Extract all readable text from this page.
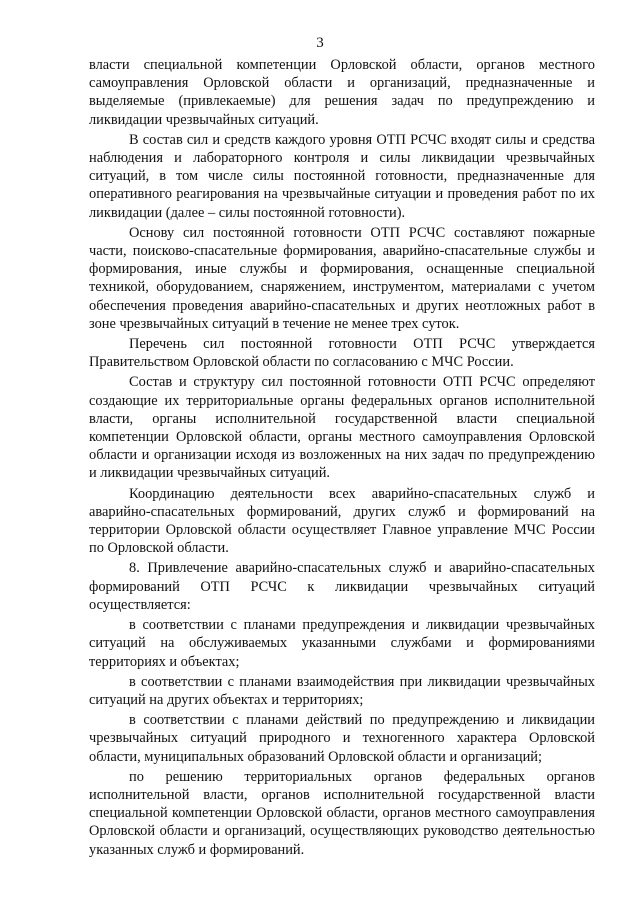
3

власти специальной компетенции Орловской области, органов местного самоуправления Орловской области и организаций, предназначенные и выделяемые (привлекаемые) для решения задач по предупреждению и ликвидации чрезвычайных ситуаций.

В состав сил и средств каждого уровня ОТП РСЧС входят силы и средства наблюдения и лабораторного контроля и силы ликвидации чрезвычайных ситуаций, в том числе силы постоянной готовности, предназначенные для оперативного реагирования на чрезвычайные ситуации и проведения работ по их ликвидации (далее – силы постоянной готовности).

Основу сил постоянной готовности ОТП РСЧС составляют пожарные части, поисково-спасательные формирования, аварийно-спасательные службы и формирования, иные службы и формирования, оснащенные специальной техникой, оборудованием, снаряжением, инструментом, материалами с учетом обеспечения проведения аварийно-спасательных и других неотложных работ в зоне чрезвычайных ситуаций в течение не менее трех суток.

Перечень сил постоянной готовности ОТП РСЧС утверждается Правительством Орловской области по согласованию с МЧС России.

Состав и структуру сил постоянной готовности ОТП РСЧС определяют создающие их территориальные органы федеральных органов исполнительной власти, органы исполнительной государственной власти специальной компетенции Орловской области, органы местного самоуправления Орловской области и организации исходя из возложенных на них задач по предупреждению и ликвидации чрезвычайных ситуаций.

Координацию деятельности всех аварийно-спасательных служб и аварийно-спасательных формирований, других служб и формирований на территории Орловской области осуществляет Главное управление МЧС России по Орловской области.

8. Привлечение аварийно-спасательных служб и аварийно-спасательных формирований ОТП РСЧС к ликвидации чрезвычайных ситуаций осуществляется:

в соответствии с планами предупреждения и ликвидации чрезвычайных ситуаций на обслуживаемых указанными службами и формированиями территориях и объектах;

в соответствии с планами взаимодействия при ликвидации чрезвычайных ситуаций на других объектах и территориях;

в соответствии с планами действий по предупреждению и ликвидации чрезвычайных ситуаций природного и техногенного характера Орловской области, муниципальных образований Орловской области и организаций;

по решению территориальных органов федеральных органов исполнительной власти, органов исполнительной государственной власти специальной компетенции Орловской области, органов местного самоуправления Орловской области и организаций, осуществляющих руководство деятельностью указанных служб и формирований.
